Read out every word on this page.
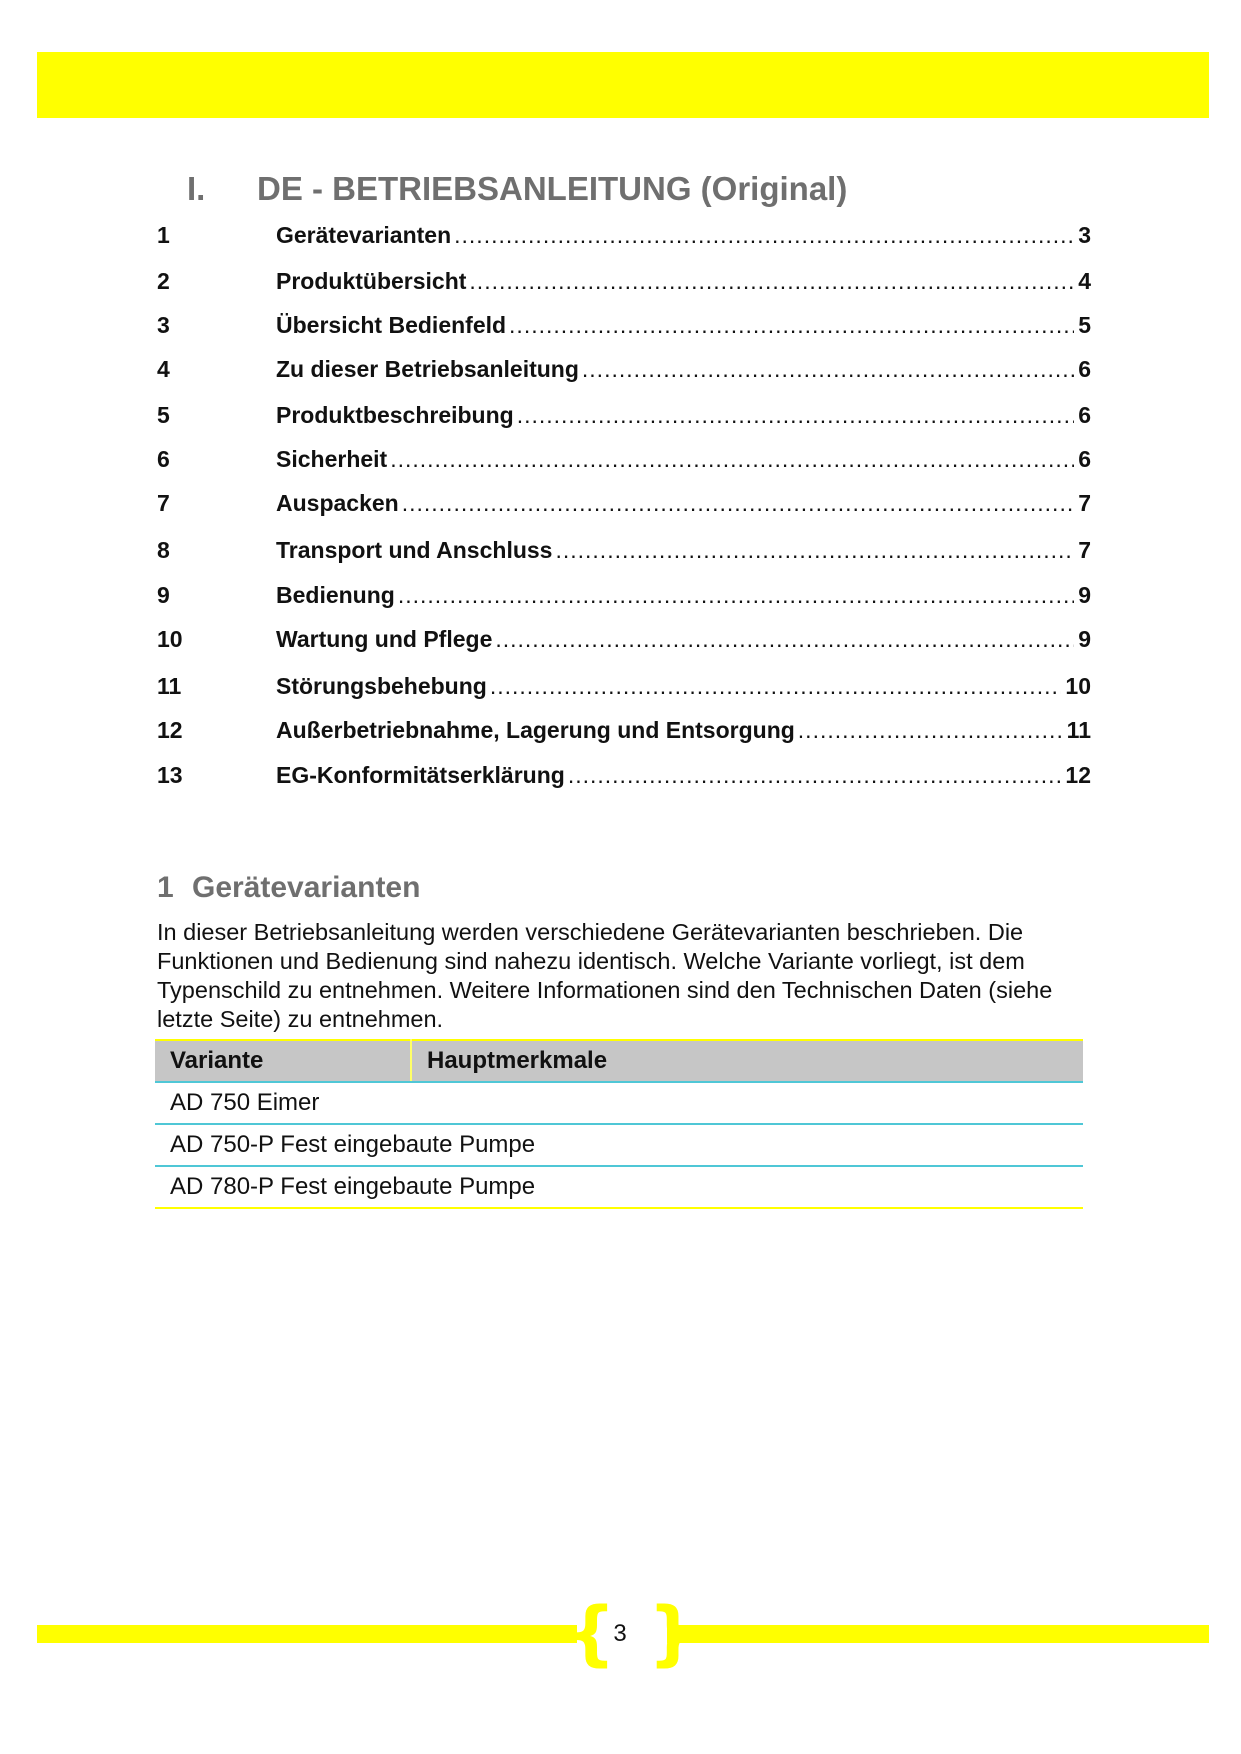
I. DE - BETRIEBSANLEITUNG (Original)
1	Gerätevarianten .....	3
2	Produktübersicht .....	4
3	Übersicht Bedienfeld .....	5
4	Zu dieser Betriebsanleitung .....	6
5	Produktbeschreibung .....	6
6	Sicherheit .....	6
7	Auspacken .....	7
8	Transport und Anschluss .....	7
9	Bedienung .....	9
10	Wartung und Pflege .....	9
11	Störungsbehebung .....	10
12	Außerbetriebnahme, Lagerung und Entsorgung .....	11
13	EG-Konformitätserklärung .....	12
1 Gerätevarianten
In dieser Betriebsanleitung werden verschiedene Gerätevarianten beschrieben. Die Funktionen und Bedienung sind nahezu identisch. Welche Variante vorliegt, ist dem Typenschild zu entnehmen. Weitere Informationen sind den Technischen Daten (siehe letzte Seite) zu entnehmen.
Variante	Hauptmerkmale
AD 750 Eimer
AD 750-P Fest eingebaute Pumpe
AD 780-P Fest eingebaute Pumpe
{ }
3
